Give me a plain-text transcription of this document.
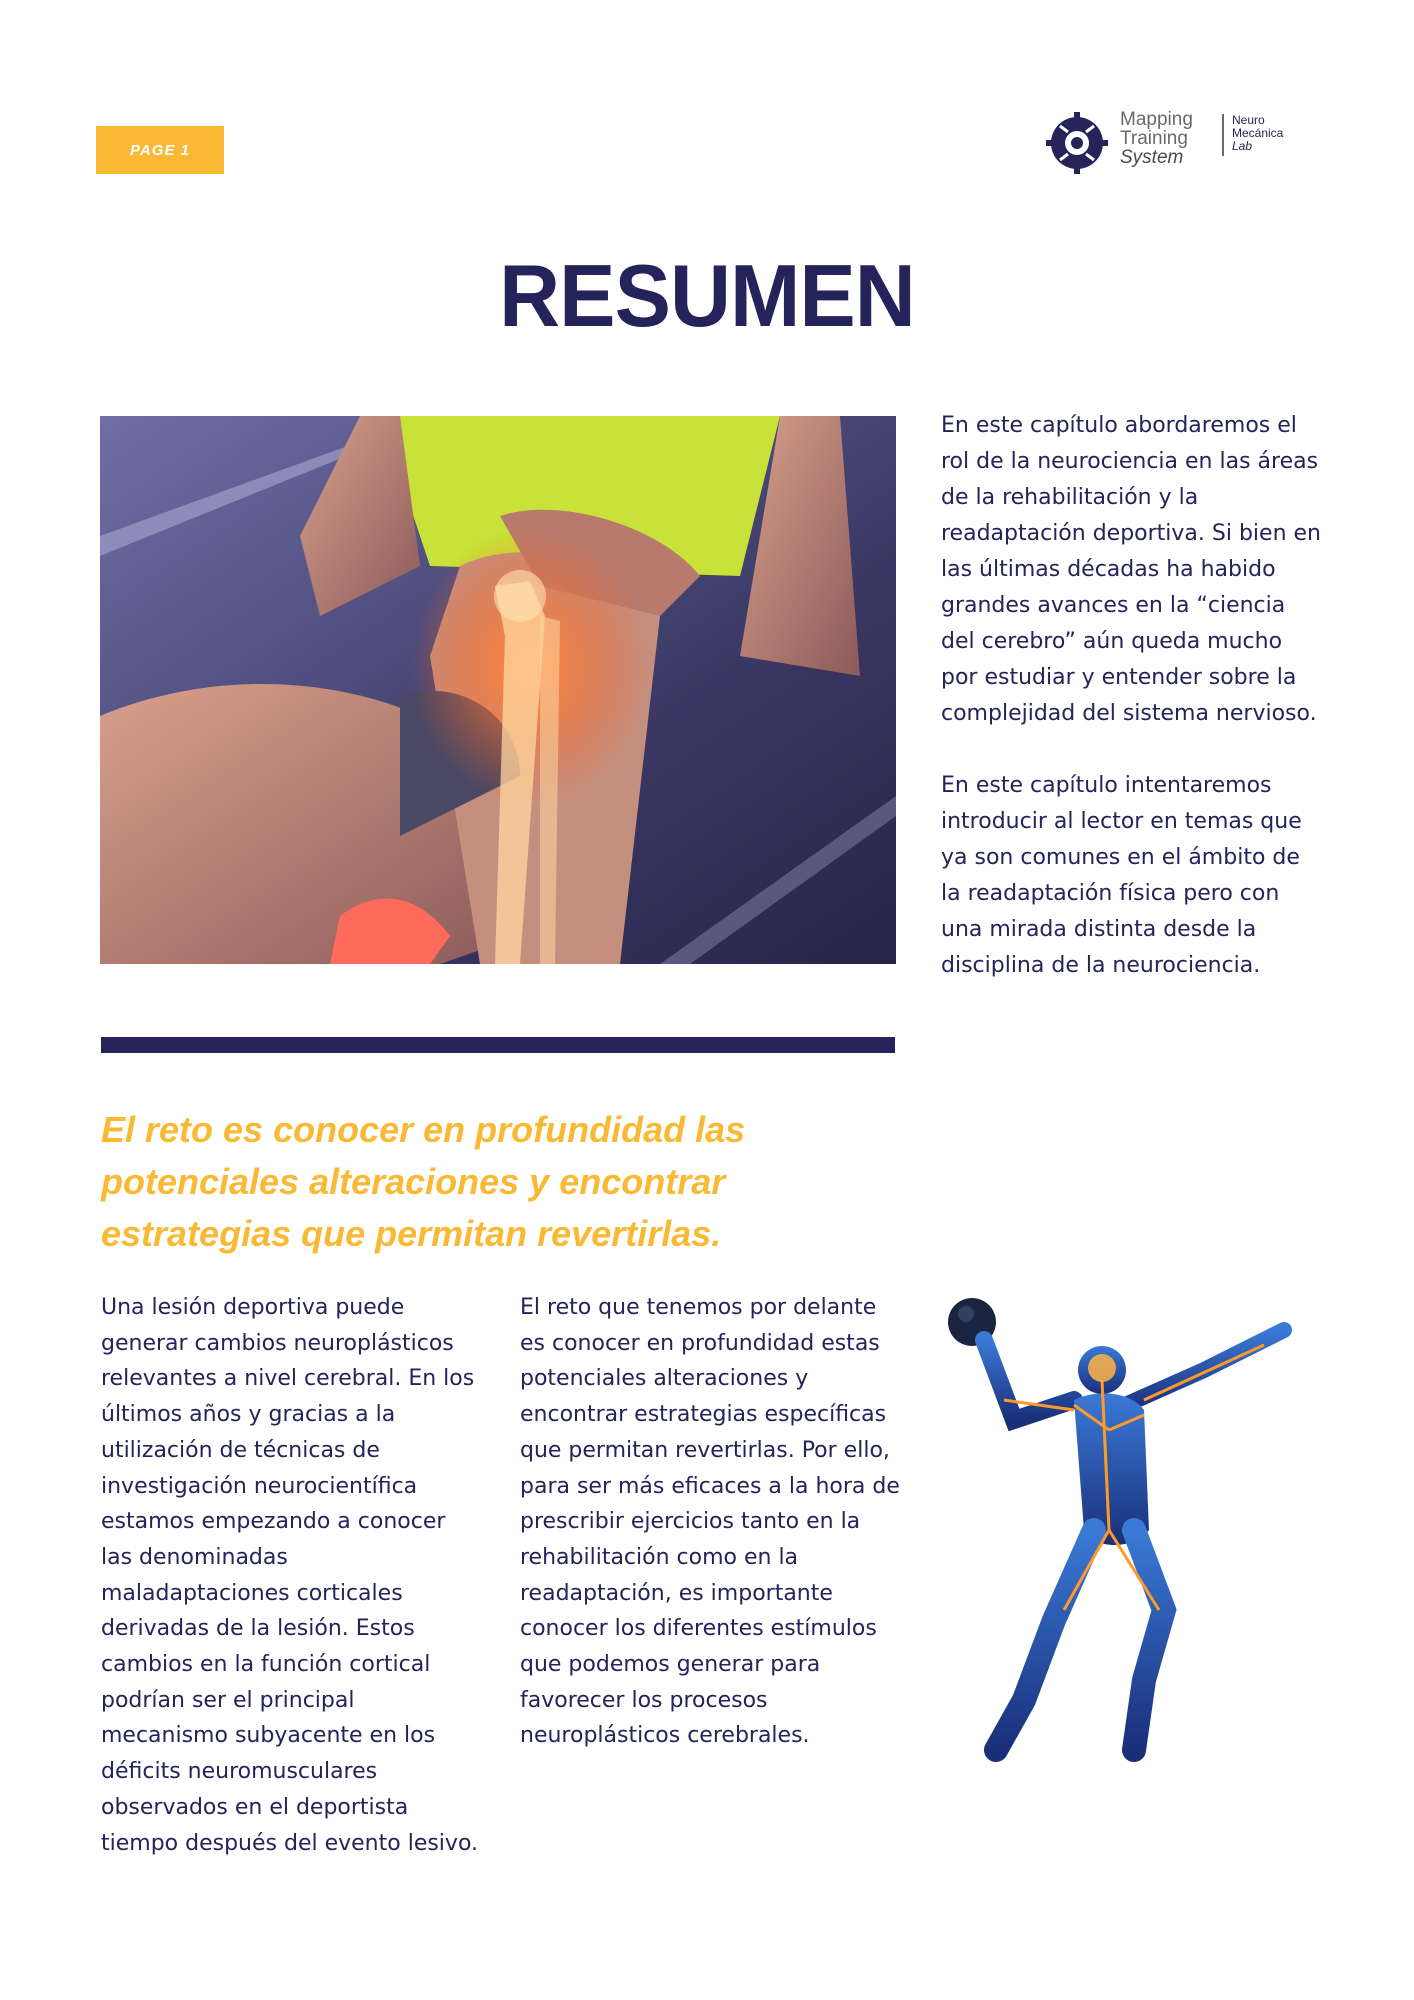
PAGE 1
Mapping
Training
System
Neuro
Mecánica
Lab
RESUMEN

En este capítulo abordaremos el rol de la neurociencia en las áreas de la rehabilitación y la readaptación deportiva. Si bien en las últimas décadas ha habido grandes avances en la “ciencia del cerebro” aún queda mucho por estudiar y entender sobre la complejidad del sistema nervioso.

En este capítulo intentaremos introducir al lector en temas que ya son comunes en el ámbito de la readaptación física pero con una mirada distinta desde la disciplina de la neurociencia.

El reto es conocer en profundidad las
potenciales alteraciones y encontrar
estrategias que permitan revertirlas.

Una lesión deportiva puede generar cambios neuroplásticos relevantes a nivel cerebral. En los últimos años y gracias a la utilización de técnicas de investigación neurocientífica estamos empezando a conocer las denominadas maladaptaciones corticales derivadas de la lesión. Estos cambios en la función cortical podrían ser el principal mecanismo subyacente en los déficits neuromusculares observados en el deportista tiempo después del evento lesivo.

El reto que tenemos por delante es conocer en profundidad estas potenciales alteraciones y encontrar estrategias específicas que permitan revertirlas. Por ello, para ser más eficaces a la hora de prescribir ejercicios tanto en la rehabilitación como en la readaptación, es importante conocer los diferentes estímulos que podemos generar para favorecer los procesos neuroplásticos cerebrales.
